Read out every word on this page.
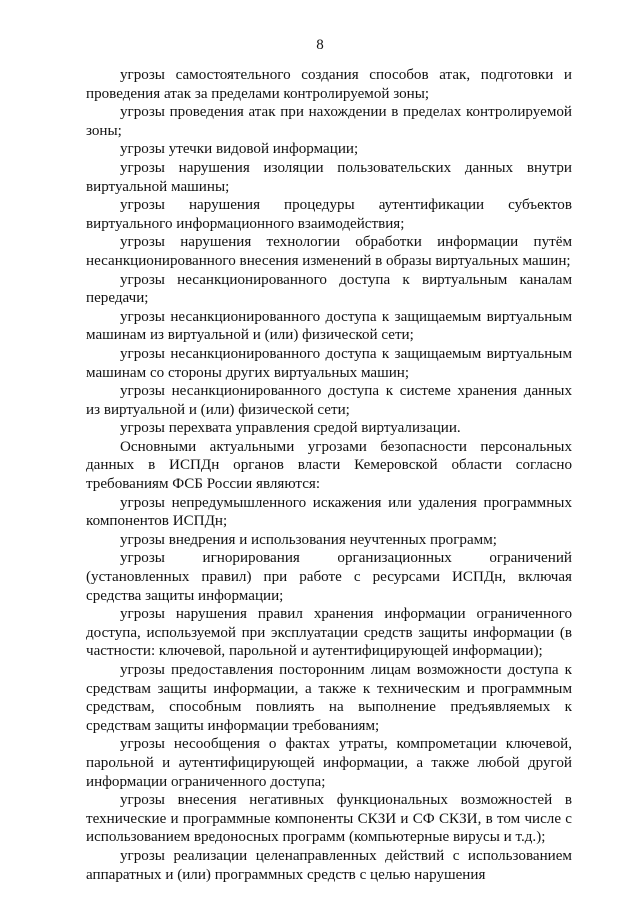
8

угрозы самостоятельного создания способов атак, подготовки и проведения атак за пределами контролируемой зоны;

угрозы проведения атак при нахождении в пределах контролируемой зоны;

угрозы утечки видовой информации;

угрозы нарушения изоляции пользовательских данных внутри виртуальной машины;

угрозы нарушения процедуры аутентификации субъектов виртуального информационного взаимодействия;

угрозы нарушения технологии обработки информации путём несанкционированного внесения изменений в образы виртуальных машин;

угрозы несанкционированного доступа к виртуальным каналам передачи;

угрозы несанкционированного доступа к защищаемым виртуальным машинам из виртуальной и (или) физической сети;

угрозы несанкционированного доступа к защищаемым виртуальным машинам со стороны других виртуальных машин;

угрозы несанкционированного доступа к системе хранения данных из виртуальной и (или) физической сети;

угрозы перехвата управления средой виртуализации.

Основными актуальными угрозами безопасности персональных данных в ИСПДн органов власти Кемеровской области согласно требованиям ФСБ России являются:

угрозы непредумышленного искажения или удаления программных компонентов ИСПДн;

угрозы внедрения и использования неучтенных программ;

угрозы игнорирования организационных ограничений (установленных правил) при работе с ресурсами ИСПДн, включая средства защиты информации;

угрозы нарушения правил хранения информации ограниченного доступа, используемой при эксплуатации средств защиты информации (в частности: ключевой, парольной и аутентифицирующей информации);

угрозы предоставления посторонним лицам возможности доступа к средствам защиты информации, а также к техническим и программным средствам, способным повлиять на выполнение предъявляемых к средствам защиты информации требованиям;

угрозы несообщения о фактах утраты, компрометации ключевой, парольной и аутентифицирующей информации, а также любой другой информации ограниченного доступа;

угрозы внесения негативных функциональных возможностей в технические и программные компоненты СКЗИ и СФ СКЗИ, в том числе с использованием вредоносных программ (компьютерные вирусы и т.д.);

угрозы реализации целенаправленных действий с использованием аппаратных и (или) программных средств с целью нарушения
